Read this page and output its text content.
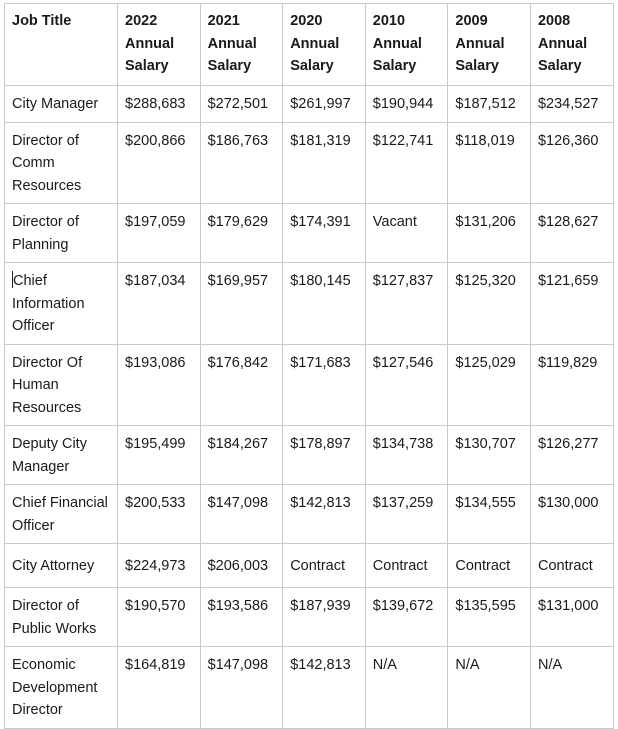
Job Title	2022 Annual Salary	2021 Annual Salary	2020 Annual Salary	2010 Annual Salary	2009 Annual Salary	2008 Annual Salary
City Manager	$288,683	$272,501	$261,997	$190,944	$187,512	$234,527
Director of Comm Resources	$200,866	$186,763	$181,319	$122,741	$118,019	$126,360
Director of Planning	$197,059	$179,629	$174,391	Vacant	$131,206	$128,627
Chief Information Officer	$187,034	$169,957	$180,145	$127,837	$125,320	$121,659
Director Of Human Resources	$193,086	$176,842	$171,683	$127,546	$125,029	$119,829
Deputy City Manager	$195,499	$184,267	$178,897	$134,738	$130,707	$126,277
Chief Financial Officer	$200,533	$147,098	$142,813	$137,259	$134,555	$130,000
City Attorney	$224,973	$206,003	Contract	Contract	Contract	Contract
Director of Public Works	$190,570	$193,586	$187,939	$139,672	$135,595	$131,000
Economic Development Director	$164,819	$147,098	$142,813	N/A	N/A	N/A
